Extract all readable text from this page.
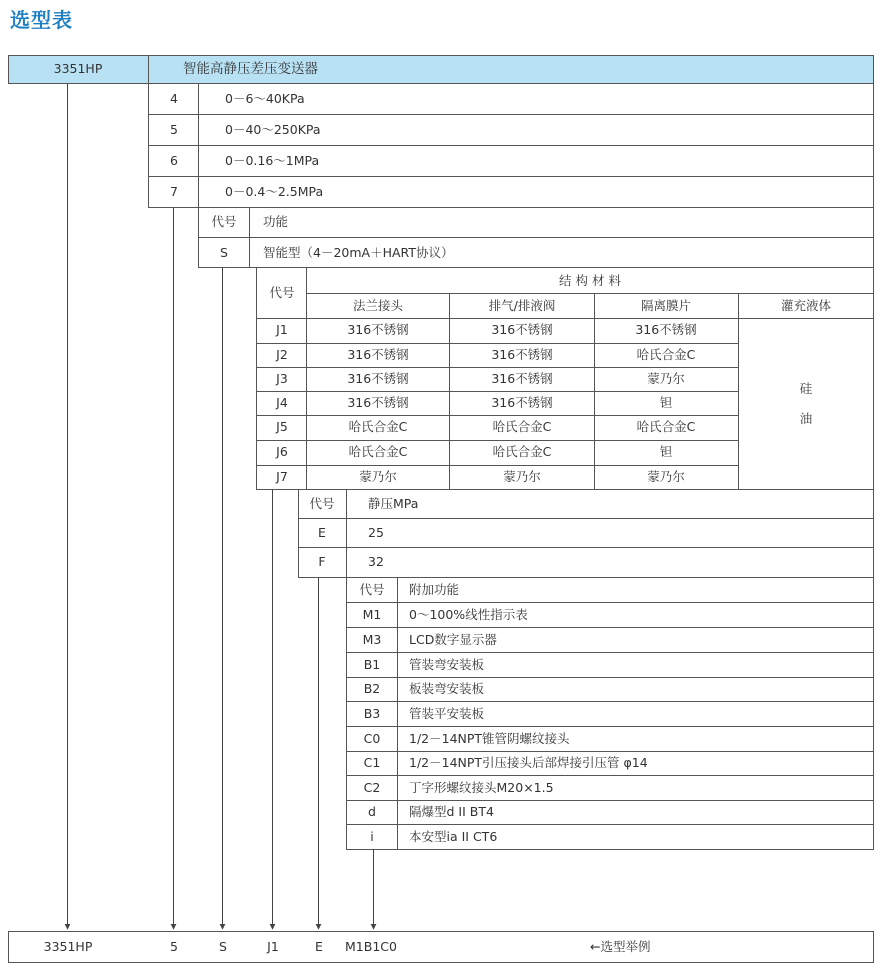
选型表
3351HP	智能高静压差压变送器
4	0－6～40KPa
5	0－40～250KPa
6	0－0.16～1MPa
7	0－0.4～2.5MPa
代号 功能
S	智能型（4－20mA＋HART协议）
代号
结 构 材 料
法兰接头	排气/排液阀	隔离膜片	灌充液体
J1	316不锈钢	316不锈钢	316不锈钢
J2	316不锈钢	316不锈钢	哈氏合金C
J3	316不锈钢	316不锈钢	蒙乃尔
J4	316不锈钢	316不锈钢	钽
J5	哈氏合金C	哈氏合金C	哈氏合金C
J6	哈氏合金C	哈氏合金C	钽
J7	蒙乃尔	蒙乃尔	蒙乃尔
硅
油
代号	静压MPa
E	25
F	32
代号 附加功能
M1 0～100%线性指示表
M3 LCD数字显示器
B1 管装弯安装板
B2 板装弯安装板
B3 管装平安装板
C0 1/2－14NPT锥管阴螺纹接头
C1 1/2－14NPT引压接头后部焊接引压管 φ14
C2 丁字形螺纹接头M20×1.5
d	隔爆型d II BT4
i	本安型ia II CT6
3351HP	5	S	J1	E M1B1C0	←选型举例
